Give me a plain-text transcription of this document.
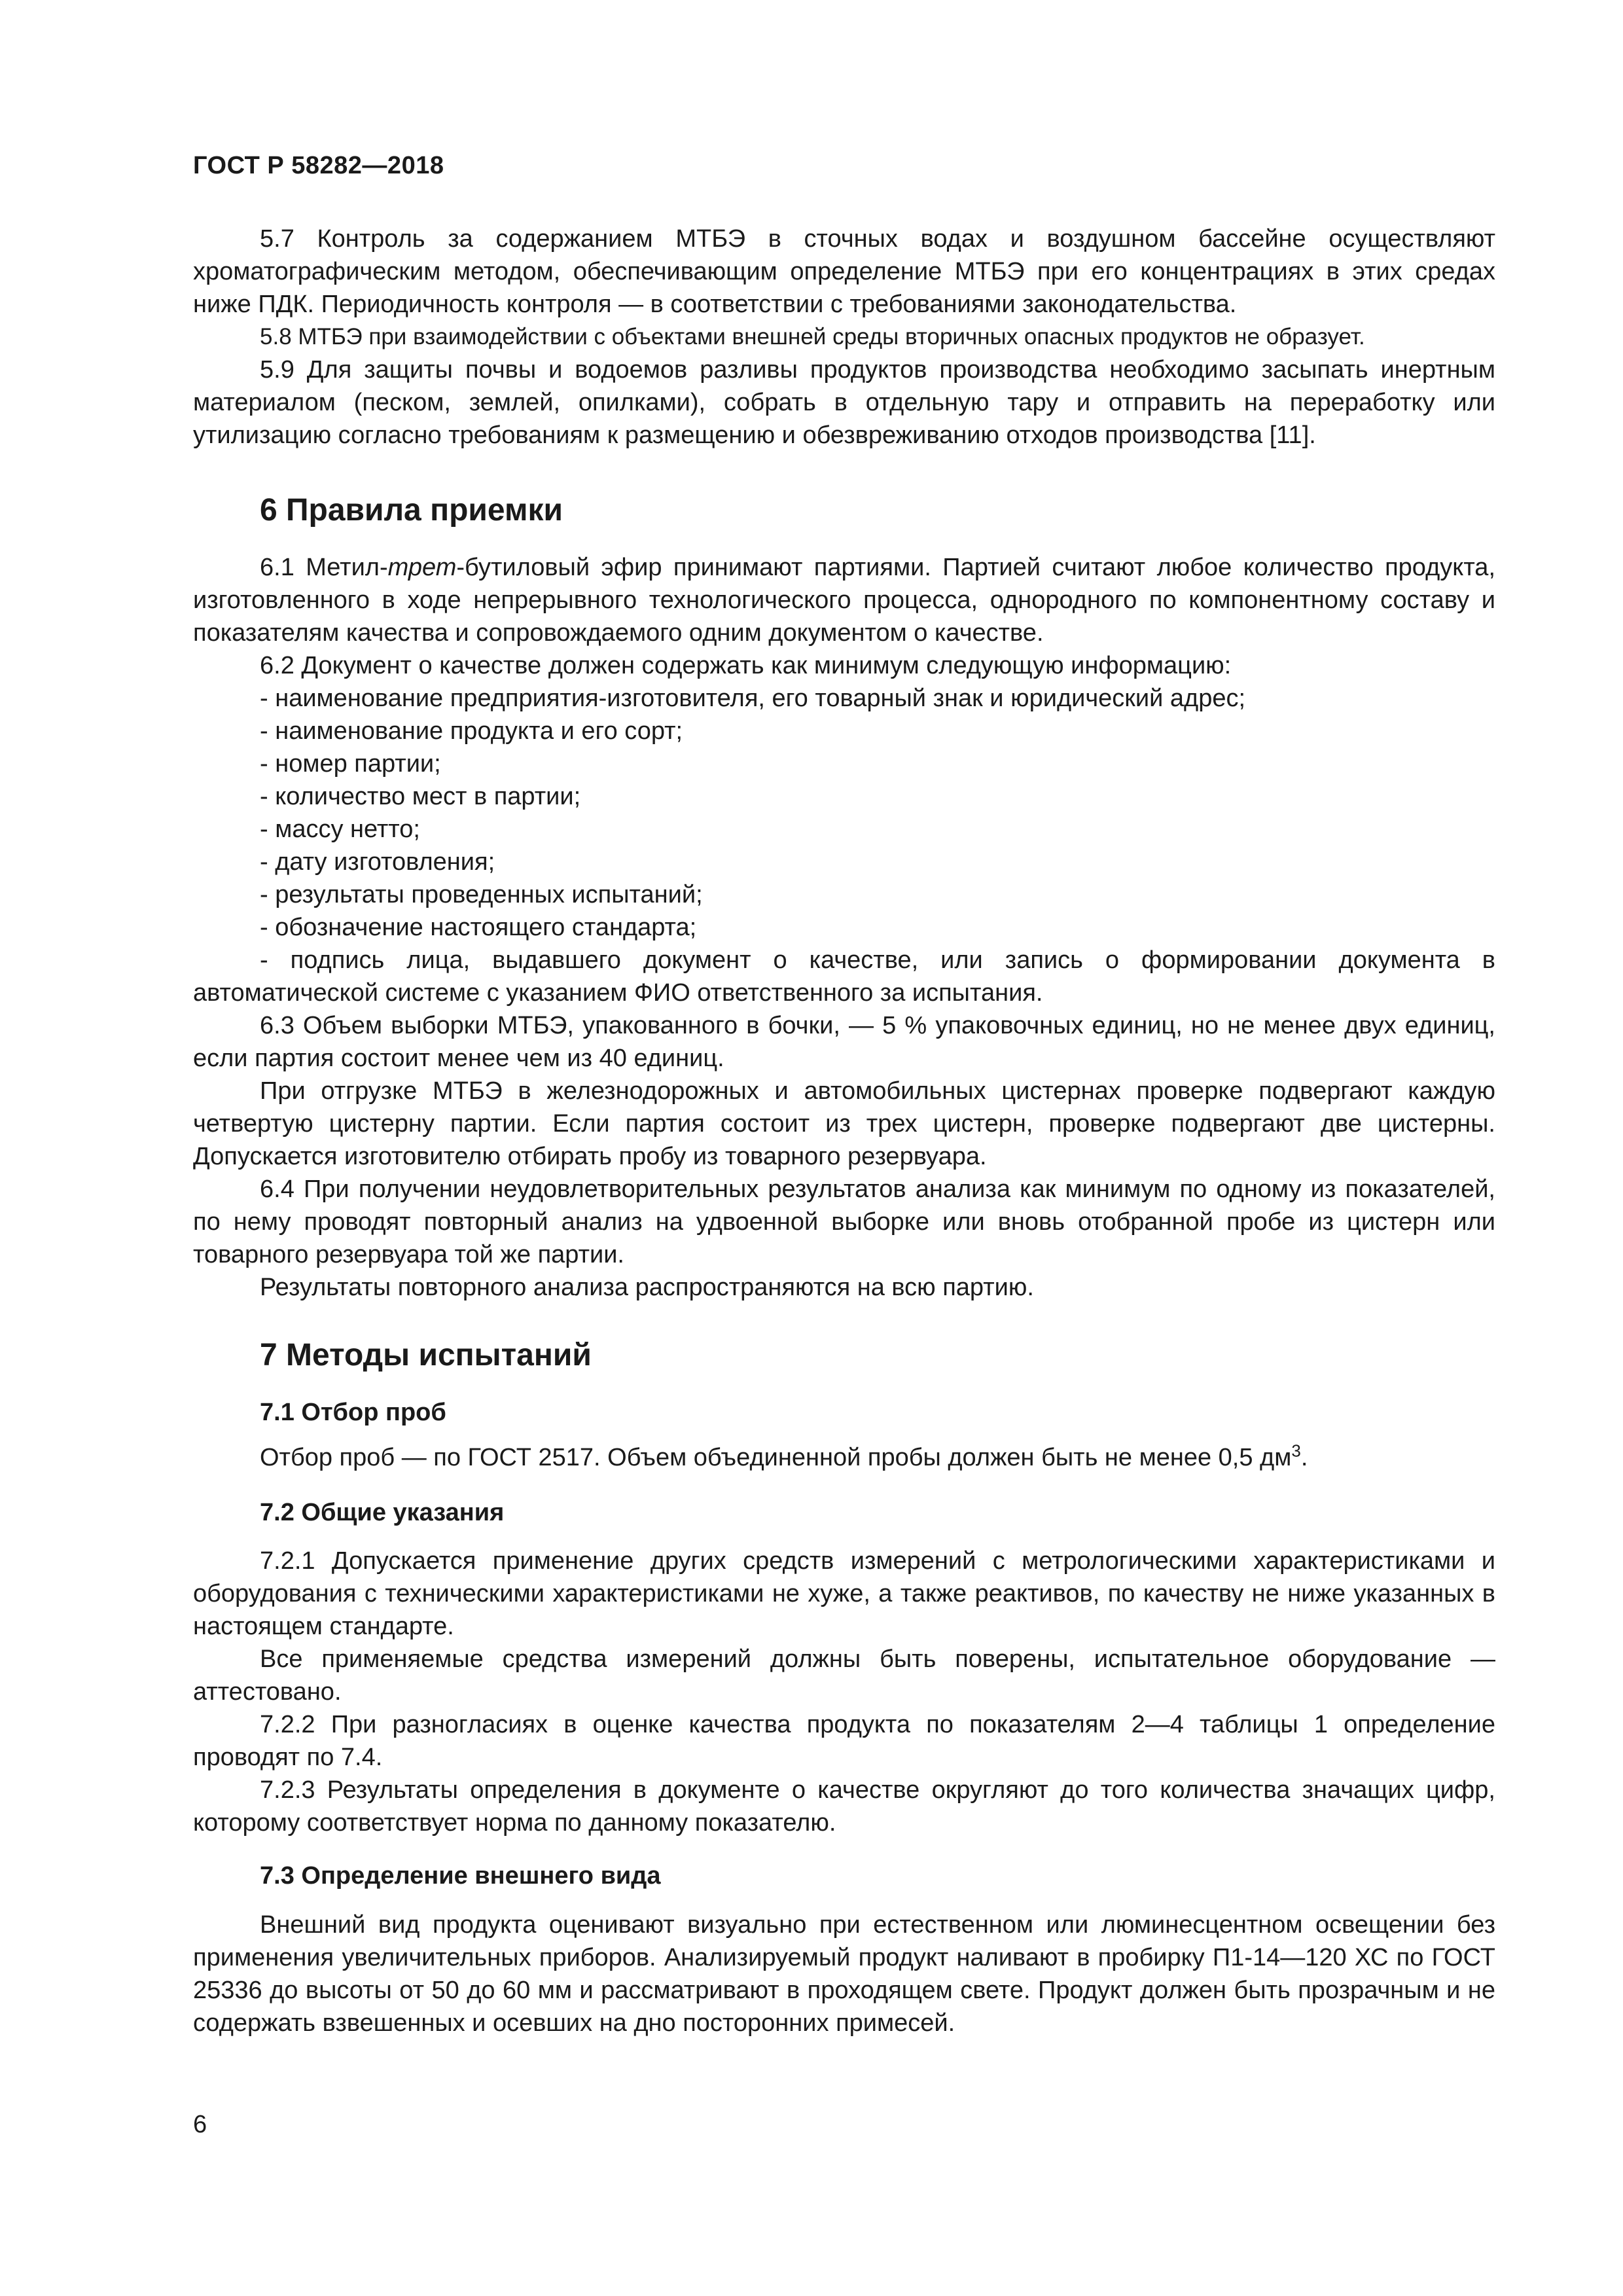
ГОСТ Р 58282—2018

5.7 Контроль за содержанием МТБЭ в сточных водах и воздушном бассейне осуществляют хроматографическим методом, обеспечивающим определение МТБЭ при его концентрациях в этих средах ниже ПДК. Периодичность контроля — в соответствии с требованиями законодательства.

5.8 МТБЭ при взаимодействии с объектами внешней среды вторичных опасных продуктов не образует.

5.9 Для защиты почвы и водоемов разливы продуктов производства необходимо засыпать инертным материалом (песком, землей, опилками), собрать в отдельную тару и отправить на переработку или утилизацию согласно требованиям к размещению и обезвреживанию отходов производства [11].

6 Правила приемки

6.1 Метил-трет-бутиловый эфир принимают партиями. Партией считают любое количество продукта, изготовленного в ходе непрерывного технологического процесса, однородного по компонентному составу и показателям качества и сопровождаемого одним документом о качестве.

6.2 Документ о качестве должен содержать как минимум следующую информацию:

- наименование предприятия-изготовителя, его товарный знак и юридический адрес;
- наименование продукта и его сорт;
- номер партии;
- количество мест в партии;
- массу нетто;
- дату изготовления;
- результаты проведенных испытаний;
- обозначение настоящего стандарта;

- подпись лица, выдавшего документ о качестве, или запись о формировании документа в автоматической системе с указанием ФИО ответственного за испытания.

6.3 Объем выборки МТБЭ, упакованного в бочки, — 5 % упаковочных единиц, но не менее двух единиц, если партия состоит менее чем из 40 единиц.

При отгрузке МТБЭ в железнодорожных и автомобильных цистернах проверке подвергают каждую четвертую цистерну партии. Если партия состоит из трех цистерн, проверке подвергают две цистерны. Допускается изготовителю отбирать пробу из товарного резервуара.

6.4 При получении неудовлетворительных результатов анализа как минимум по одному из показателей, по нему проводят повторный анализ на удвоенной выборке или вновь отобранной пробе из цистерн или товарного резервуара той же партии.

Результаты повторного анализа распространяются на всю партию.

7 Методы испытаний
7.1 Отбор проб

Отбор проб — по ГОСТ 2517. Объем объединенной пробы должен быть не менее 0,5 $дм^3$.

7.2 Общие указания

7.2.1 Допускается применение других средств измерений с метрологическими характеристиками и оборудования с техническими характеристиками не хуже, а также реактивов, по качеству не ниже указанных в настоящем стандарте.

Все применяемые средства измерений должны быть поверены, испытательное оборудование — аттестовано.

7.2.2 При разногласиях в оценке качества продукта по показателям 2—4 таблицы 1 определение проводят по 7.4.

7.2.3 Результаты определения в документе о качестве округляют до того количества значащих цифр, которому соответствует норма по данному показателю.

7.3 Определение внешнего вида

Внешний вид продукта оценивают визуально при естественном или люминесцентном освещении без применения увеличительных приборов. Анализируемый продукт наливают в пробирку П1-14—120 ХС по ГОСТ 25336 до высоты от 50 до 60 мм и рассматривают в проходящем свете. Продукт должен быть прозрачным и не содержать взвешенных и осевших на дно посторонних примесей.

6
